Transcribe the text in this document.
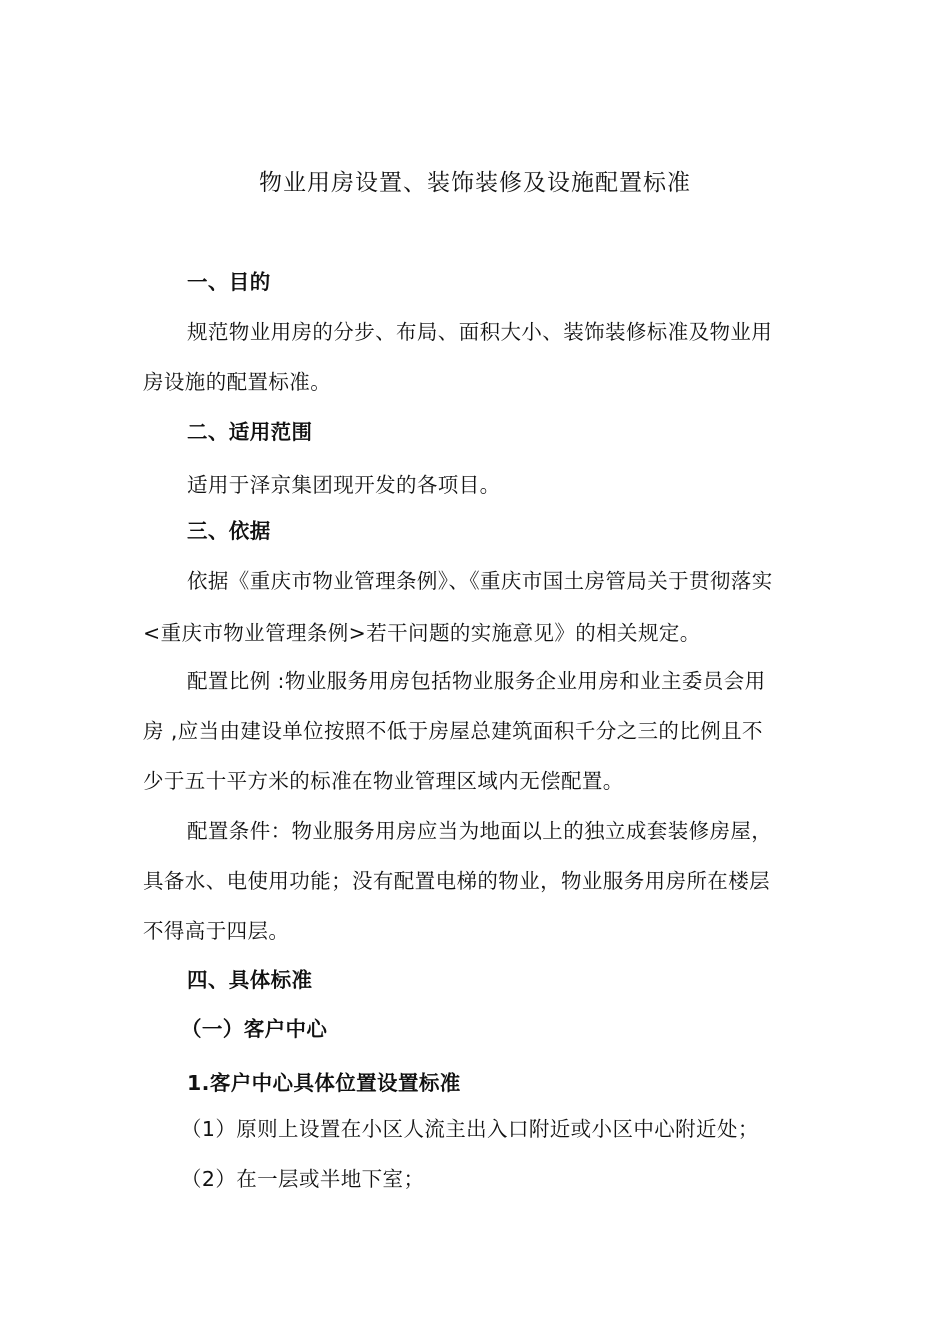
物业用房设置、装饰装修及设施配置标准
一、目的
规范物业用房的分步、布局、面积大小、装饰装修标准及物业用
房设施的配置标准。
二、适用范围
适用于泽京集团现开发的各项目。
三、依据
依据《重庆市物业管理条例》、《重庆市国土房管局关于贯彻落实
<重庆市物业管理条例>若干问题的实施意见》的相关规定。
配置比例 :物业服务用房包括物业服务企业用房和业主委员会用
房 ,应当由建设单位按照不低于房屋总建筑面积千分之三的比例且不
少于五十平方米的标准在物业管理区域内无偿配置。
配置条件：物业服务用房应当为地面以上的独立成套装修房屋，
具备水、电使用功能；没有配置电梯的物业，物业服务用房所在楼层
不得高于四层。
四、具体标准
（一）客户中心
1.客户中心具体位置设置标准
（1）原则上设置在小区人流主出入口附近或小区中心附近处；
（2）在一层或半地下室；
